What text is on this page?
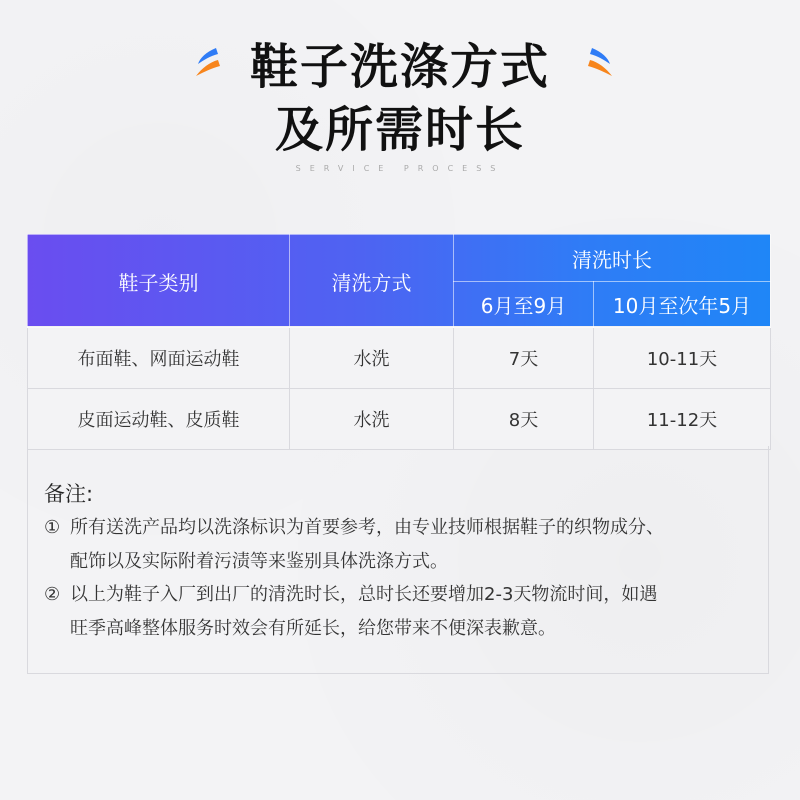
鞋子洗涤方式
及所需时长
SERVICE PROCESS
鞋子类别	清洗方式	清洗时长	
		6月至9月	10月至次年5月
布面鞋、网面运动鞋	水洗	7天	10-11天
皮面运动鞋、皮质鞋	水洗	8天	11-12天
备注:
① 所有送洗产品均以洗涤标识为首要参考，由专业技师根据鞋子的织物成分、
配饰以及实际附着污渍等来鉴别具体洗涤方式。
② 以上为鞋子入厂到出厂的清洗时长，总时长还要增加2-3天物流时间，如遇
旺季高峰整体服务时效会有所延长，给您带来不便深表歉意。
